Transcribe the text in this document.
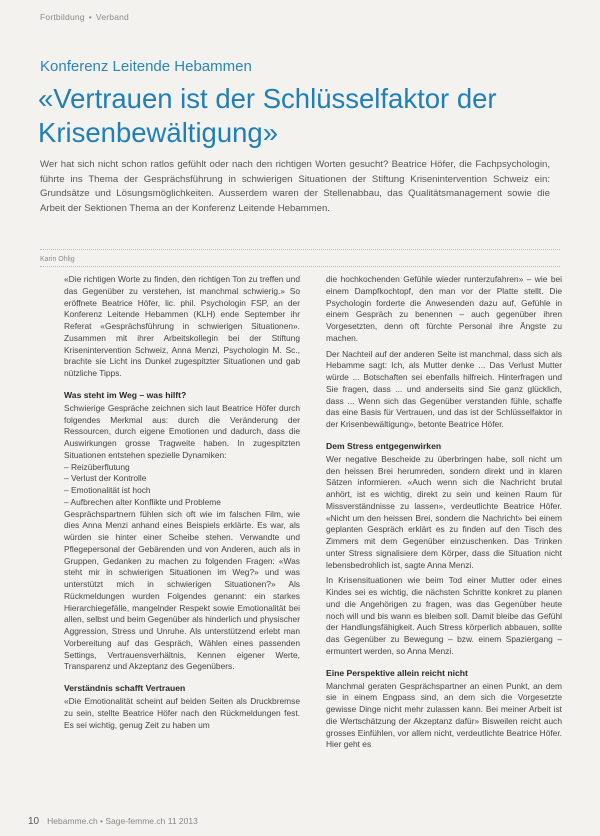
Fortbildung • Verband
Konferenz Leitende Hebammen
«Vertrauen ist der Schlüsselfaktor der Krisenbewältigung»

Wer hat sich nicht schon ratlos gefühlt oder nach den richtigen Worten gesucht? Beatrice Höfer, die Fachpsychologin, führte ins Thema der Gesprächsführung in schwierigen Situationen der Stiftung Krisenintervention Schweiz ein: Grundsätze und Lösungsmöglichkeiten. Ausserdem waren der Stellenabbau, das Qualitätsmanagement sowie die Arbeit der Sektionen Thema an der Konferenz Leitende Hebammen.

Karin Ohlig

«Die richtigen Worte zu finden, den richtigen Ton zu treffen und das Gegenüber zu verstehen, ist manchmal schwierig.» So eröffnete Beatrice Höfer, lic. phil. Psychologin FSP, an der Konferenz Leitende Hebammen (KLH) ende September ihr Referat «Gesprächsführung in schwierigen Situationen». Zusammen mit ihrer Arbeitskollegin bei der Stiftung Krisenintervention Schweiz, Anna Menzi, Psychologin M. Sc., brachte sie Licht ins Dunkel zugespitzter Situationen und gab nützliche Tipps.

Was steht im Weg – was hilft?

Schwierige Gespräche zeichnen sich laut Beatrice Höfer durch folgendes Merkmal aus: durch die Veränderung der Ressourcen, durch eigene Emotionen und dadurch, dass die Auswirkungen grosse Tragweite haben. In zugespitzten Situationen entstehen spezielle Dynamiken:

– Reizüberflutung
– Verlust der Kontrolle
– Emotionalität ist hoch
– Aufbrechen alter Konflikte und Probleme

Gesprächspartnern fühlen sich oft wie im falschen Film, wie dies Anna Menzi anhand eines Beispiels erklärte. Es war, als würden sie hinter einer Scheibe stehen. Verwandte und Pflegepersonal der Gebärenden und von Anderen, auch als in Gruppen, Gedanken zu machen zu folgenden Fragen: «Was steht mir in schwierigen Situationen im Weg?» und was unterstützt mich in schwierigen Situationen?» Als Rückmeldungen wurden Folgendes genannt: ein starkes Hierarchiegefälle, mangelnder Respekt sowie Emotionalität bei allen, selbst und beim Gegenüber als hinderlich und physischer Aggression, Stress und Unruhe. Als unterstützend erlebt man Vorbereitung auf das Gespräch, Wählen eines passenden Settings, Vertrauensverhältnis, Kennen eigener Werte, Transparenz und Akzeptanz des Gegenübers.

Verständnis schafft Vertrauen

«Die Emotionalität scheint auf beiden Seiten als Druckbremse zu sein, stellte Beatrice Höfer nach den Rückmeldungen fest. Es sei wichtig, genug Zeit zu haben um

die hochkochenden Gefühle wieder runterzufahren» – wie bei einem Dampfkochtopf, den man vor der Platte stellt. Die Psychologin forderte die Anwesenden dazu auf, Gefühle in einem Gespräch zu benennen – auch gegenüber ihren Vorgesetzten, denn oft fürchte Personal ihre Ängste zu machen.

Der Nachteil auf der anderen Seite ist manchmal, dass sich als Hebamme sagt: Ich, als Mutter denke ... Das Verlust Mutter würde ... Botschaften sei ebenfalls hilfreich. Hinterfragen und Sie fragen, dass ... und anderseits sind Sie ganz glücklich, dass ... Wenn sich das Gegenüber verstanden fühle, schaffe das eine Basis für Vertrauen, und das ist der Schlüsselfaktor in der Krisenbewältigung», betonte Beatrice Höfer.

Dem Stress entgegenwirken

Wer negative Bescheide zu überbringen habe, soll nicht um den heissen Brei herumreden, sondern direkt und in klaren Sätzen informieren. «Auch wenn sich die Nachricht brutal anhört, ist es wichtig, direkt zu sein und keinen Raum für Missverständnisse zu lassen», verdeutlichte Beatrice Höfer. «Nicht um den heissen Brei, sondern die Nachricht» bei einem geplanten Gespräch erklärt es zu finden auf den Tisch des Zimmers mit dem Gegenüber einzuschenken. Das Trinken unter Stress signalisiere dem Körper, dass die Situation nicht lebensbedrohlich ist, sagte Anna Menzi.

In Krisensituationen wie beim Tod einer Mutter oder eines Kindes sei es wichtig, die nächsten Schritte konkret zu planen und die Angehörigen zu fragen, was das Gegenüber heute noch will und bis wann es bleiben soll. Damit bleibe das Gefühl der Handlungsfähigkeit. Auch Stress körperlich abbauen, sollte das Gegenüber zu Bewegung – bzw. einem Spaziergang – ermuntert werden, so Anna Menzi.

Eine Perspektive allein reicht nicht

Manchmal geraten Gesprächspartner an einen Punkt, an dem sie in einem Engpass sind, an dem sich die Vorgesetzte gewisse Dinge nicht mehr zulassen kann. Bei meiner Arbeit ist die Wertschätzung der Akzeptanz dafür» Bisweilen reicht auch grosses Einfühlen, vor allem nicht, verdeutlichte Beatrice Höfer. Hier geht es

10 Hebamme.ch • Sage-femme.ch 11 2013
